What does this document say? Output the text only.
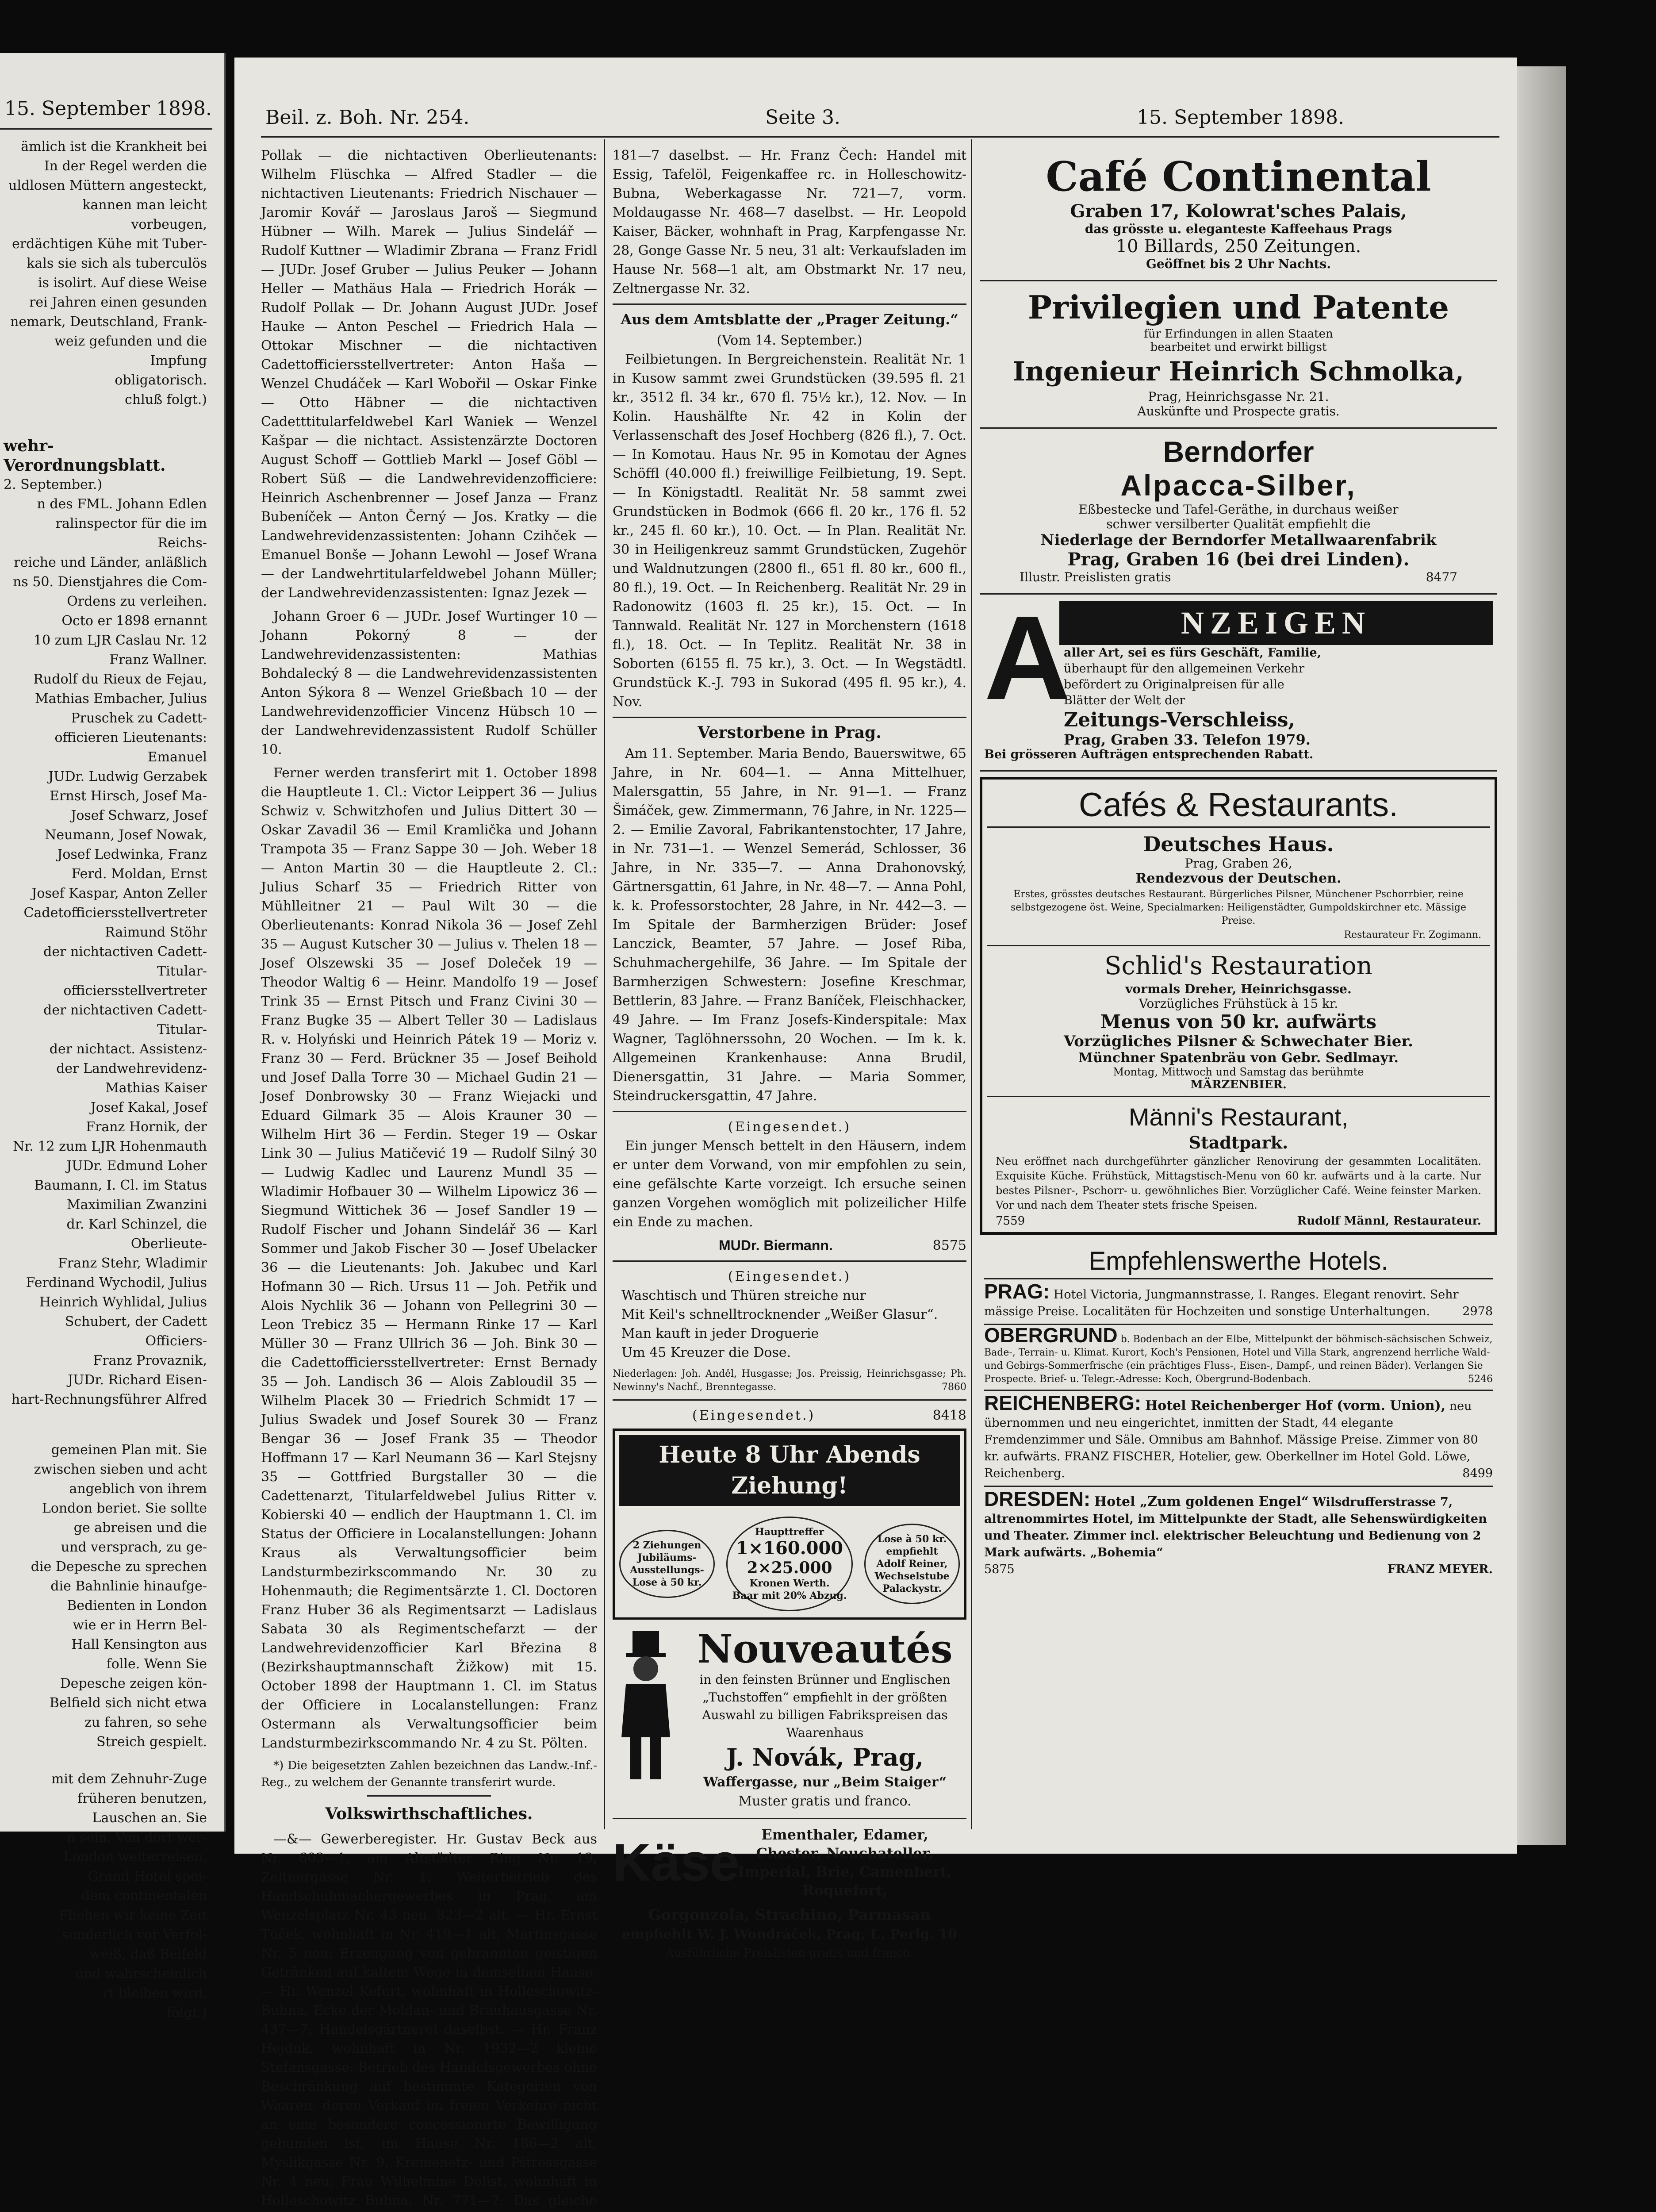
15. September 1898.
ämlich ist die Krankheit bei
In der Regel werden die
uldlosen Müttern angesteckt,
kannen man leicht vorbeugen,
erdächtigen Kühe mit Tuber-
kals sie sich als tuberculös
is isolirt. Auf diese Weise
rei Jahren einen gesunden
nemark, Deutschland, Frank-
weiz gefunden und die Impfung
obligatorisch.
chluß folgt.)
wehr-Verordnungsblatt.
2. September.)
n des FML. Johann Edlen
ralinspector für die im Reichs-
reiche und Länder, anläßlich
ns 50. Dienstjahres die Com-
Ordens zu verleihen.
Octo er 1898 ernannt
10 zum LJR Caslau Nr. 12
Franz Wallner.
Rudolf du Rieux de Fejau,
Mathias Embacher, Julius
Pruschek zu Cadett-
officieren Lieutenants: Emanuel
JUDr. Ludwig Gerzabek
Ernst Hirsch, Josef Ma-
Josef Schwarz, Josef
Neumann, Josef Nowak,
Josef Ledwinka, Franz
Ferd. Moldan, Ernst
Josef Kaspar, Anton Zeller
Cadetofficiersstellvertreter
Raimund Stöhr
der nichtactiven Cadett-Titular-
officiersstellvertreter
der nichtactiven Cadett-Titular-
der nichtact. Assistenz-
der Landwehrevidenz-
Mathias Kaiser
Josef Kakal, Josef
Franz Hornik, der
Nr. 12 zum LJR Hohenmauth
JUDr. Edmund Loher
Baumann, I. Cl. im Status
Maximilian Zwanzini
dr. Karl Schinzel, die Oberlieute-
Franz Stehr, Wladimir
Ferdinand Wychodil, Julius
Heinrich Wyhlidal, Julius
Schubert, der Cadett Officiers-
Franz Provaznik,
JUDr. Richard Eisen-
hart-Rechnungsführer Alfred
gemeinen Plan mit. Sie
zwischen sieben und acht
angeblich von ihrem
London beriet. Sie sollte
ge abreisen und die
und versprach, zu ge-
die Depesche zu sprechen
die Bahnlinie hinaufge-
Bedienten in London
wie er in Herrn Bel-
Hall Kensington aus
folle. Wenn Sie
Depesche zeigen kön-
Belfield sich nicht etwa
zu fahren, so sehe
Streich gespielt.
mit dem Zehnuhr-Zuge
früheren benutzen,
Lauschen an. Sie
n sein. Von dort wer-
London weiterreisen,
Grand Hotel spei-
dem continentalen
Fliehen wir keine Zeit
sonderlich vor Verfol-
weiß, daß Belfeld
und wahrscheinlich
rt bleiben wird.
folgt.)
Beil. z. Boh. Nr. 254.	Seite 3.	15. September 1898.

Pollak — die nichtactiven Oberlieutenants: Wilhelm Flüschka — Alfred Stadler — die nichtactiven Lieutenants: Friedrich Nischauer — Jaromir Kovář — Jaroslaus Jaroš — Siegmund Hübner — Wilh. Marek — Julius Sindelář — Rudolf Kuttner — Wladimir Zbrana — Franz Fridl — JUDr. Josef Gruber — Julius Peuker — Johann Heller — Mathäus Hala — Friedrich Horák — Rudolf Pollak — Dr. Johann August JUDr. Josef Hauke — Anton Peschel — Friedrich Hala — Ottokar Mischner — die nichtactiven Cadettofficiersstellvertreter: Anton Haša — Wenzel Chudáček — Karl Wobořil — Oskar Finke — Otto Häbner — die nichtactiven Cadetttitularfeldwebel Karl Waniek — Wenzel Kašpar — die nichtact. Assistenzärzte Doctoren August Schoff — Gottlieb Markl — Josef Göbl — Robert Süß — die Landwehrevidenzofficiere: Heinrich Aschenbrenner — Josef Janza — Franz Bubeníček — Anton Černý — Jos. Kratky — die Landwehrevidenzassistenten: Johann Czihček — Emanuel Bonše — Johann Lewohl — Josef Wrana — der Landwehrtitularfeldwebel Johann Müller; der Landwehrevidenzassistenten: Ignaz Jezek —

Johann Groer 6 — JUDr. Josef Wurtinger 10 — Johann Pokorný 8 — der Landwehrevidenzassistenten: Mathias Bohdalecký 8 — die Landwehrevidenzassistenten Anton Sýkora 8 — Wenzel Grießbach 10 — der Landwehrevidenzofficier Vincenz Hübsch 10 — der Landwehrevidenzassistent Rudolf Schüller 10.

Ferner werden transferirt mit 1. October 1898 die Hauptleute 1. Cl.: Victor Leippert 36 — Julius Schwiz v. Schwitzhofen und Julius Dittert 30 — Oskar Zavadil 36 — Emil Kramlička und Johann Trampota 35 — Franz Sappe 30 — Joh. Weber 18 — Anton Martin 30 — die Hauptleute 2. Cl.: Julius Scharf 35 — Friedrich Ritter von Mühlleitner 21 — Paul Wilt 30 — die Oberlieutenants: Konrad Nikola 36 — Josef Zehl 35 — August Kutscher 30 — Julius v. Thelen 18 — Josef Olszewski 35 — Josef Doleček 19 — Theodor Waltig 6 — Heinr. Mandolfo 19 — Josef Trink 35 — Ernst Pitsch und Franz Civini 30 — Franz Bugke 35 — Albert Teller 30 — Ladislaus R. v. Holyński und Heinrich Pátek 19 — Moriz v. Franz 30 — Ferd. Brückner 35 — Josef Beihold und Josef Dalla Torre 30 — Michael Gudin 21 — Josef Donbrowsky 30 — Franz Wiejacki und Eduard Gilmark 35 — Alois Krauner 30 — Wilhelm Hirt 36 — Ferdin. Steger 19 — Oskar Link 30 — Julius Matičević 19 — Rudolf Silný 30 — Ludwig Kadlec und Laurenz Mundl 35 — Wladimir Hofbauer 30 — Wilhelm Lipowicz 36 — Siegmund Wittichek 36 — Josef Sandler 19 — Rudolf Fischer und Johann Sindelář 36 — Karl Sommer und Jakob Fischer 30 — Josef Ubelacker 36 — die Lieutenants: Joh. Jakubec und Karl Hofmann 30 — Rich. Ursus 11 — Joh. Petřik und Alois Nychlik 36 — Johann von Pellegrini 30 — Leon Trebicz 35 — Hermann Rinke 17 — Karl Müller 30 — Franz Ullrich 36 — Joh. Bink 30 — die Cadettofficiersstellvertreter: Ernst Bernady 35 — Joh. Landisch 36 — Alois Zabloudil 35 — Wilhelm Placek 30 — Friedrich Schmidt 17 — Julius Swadek und Josef Sourek 30 — Franz Bengar 36 — Josef Frank 35 — Theodor Hoffmann 17 — Karl Neumann 36 — Karl Stejsny 35 — Gottfried Burgstaller 30 — die Cadettenarzt, Titularfeldwebel Julius Ritter v. Kobierski 40 — endlich der Hauptmann 1. Cl. im Status der Officiere in Localanstellungen: Johann Kraus als Verwaltungsofficier beim Landsturmbezirkscommando Nr. 30 zu Hohenmauth; die Regimentsärzte 1. Cl. Doctoren Franz Huber 36 als Regimentsarzt — Ladislaus Sabata 30 als Regimentschefarzt — der Landwehrevidenzofficier Karl Březina 8 (Bezirkshauptmannschaft Žižkow) mit 15. October 1898 der Hauptmann 1. Cl. im Status der Officiere in Localanstellungen: Franz Ostermann als Verwaltungsofficier beim Landsturmbezirkscommando Nr. 4 zu St. Pölten.

*) Die beigesetzten Zahlen bezeichnen das Landw.-Inf.-Reg., zu welchem der Genannte transferirt wurde.

Volkswirthschaftliches.

—&— Gewerberegister. Hr. Gustav Beck aus Nr. 603—1, am Altstädter Ring Nr. 19, Zeltnergasse Nr. 1: Weiterbetrieb des Handschuhmachergewerbes in Prag, am Wenzelsplatz Nr. 43 neu, 823—2 alt. — Hr. Ernst Tuček, wohnhaft in Nr. 419—1 alt, Martinsgasse Nr. 5 neu: Erzeugung von gebrannten geistigen Getränken auf kaltem Wege in demselben Hause. — Hr. Wenzel Kefurt, wohnhaft in Holleschowitz-Bubna, Ecke der Moldau- und Bräuhausgasse Nr. 437—7: Handelsgärtnerei daselbst. — Hr. Franz Hejduk, wohnhaft in Nr. 1932—2 kleine Stefansgasse: Betrieb des Handelsgewerbes ohne Beschränkung auf bestimmte Kategorien von Waaren, deren Verkauf im freien Verkehre nicht an eine besondere concessionirte Bewilligung gebunden ist, im Hause Nr. 186—2 alt, Myslikgasse Nr. 9, Kremenetz- und Pštrossgasse Nr. 4 neu; Frau Wilhelmine Dolist, wohnhaft in Holleschowitz Bubna, Nr. 771—7: Das gleiche

181—7 daselbst. — Hr. Franz Čech: Handel mit Essig, Tafelöl, Feigenkaffee rc. in Holleschowitz-Bubna, Weberkagasse Nr. 721—7, vorm. Moldaugasse Nr. 468—7 daselbst. — Hr. Leopold Kaiser, Bäcker, wohnhaft in Prag, Karpfengasse Nr. 28, Gonge Gasse Nr. 5 neu, 31 alt: Verkaufsladen im Hause Nr. 568—1 alt, am Obstmarkt Nr. 17 neu, Zeltnergasse Nr. 32.

Aus dem Amtsblatte der „Prager Zeitung.“
(Vom 14. September.)

Feilbietungen. In Bergreichenstein. Realität Nr. 1 in Kusow sammt zwei Grundstücken (39.595 fl. 21 kr., 3512 fl. 34 kr., 670 fl. 75½ kr.), 12. Nov. — In Kolin. Haushälfte Nr. 42 in Kolin der Verlassenschaft des Josef Hochberg (826 fl.), 7. Oct. — In Komotau. Haus Nr. 95 in Komotau der Agnes Schöffl (40.000 fl.) freiwillige Feilbietung, 19. Sept. — In Königstadtl. Realität Nr. 58 sammt zwei Grundstücken in Bodmok (666 fl. 20 kr., 176 fl. 52 kr., 245 fl. 60 kr.), 10. Oct. — In Plan. Realität Nr. 30 in Heiligenkreuz sammt Grundstücken, Zugehör und Waldnutzungen (2800 fl., 651 fl. 80 kr., 600 fl., 80 fl.), 19. Oct. — In Reichenberg. Realität Nr. 29 in Radonowitz (1603 fl. 25 kr.), 15. Oct. — In Tannwald. Realität Nr. 127 in Morchenstern (1618 fl.), 18. Oct. — In Teplitz. Realität Nr. 38 in Soborten (6155 fl. 75 kr.), 3. Oct. — In Wegstädtl. Grundstück K.-J. 793 in Sukorad (495 fl. 95 kr.), 4. Nov.

Verstorbene in Prag.

Am 11. September. Maria Bendo, Bauerswitwe, 65 Jahre, in Nr. 604—1. — Anna Mittelhuer, Malersgattin, 55 Jahre, in Nr. 91—1. — Franz Šimáček, gew. Zimmermann, 76 Jahre, in Nr. 1225—2. — Emilie Zavoral, Fabrikantenstochter, 17 Jahre, in Nr. 731—1. — Wenzel Semerád, Schlosser, 36 Jahre, in Nr. 335—7. — Anna Drahonovský, Gärtnersgattin, 61 Jahre, in Nr. 48—7. — Anna Pohl, k. k. Professorstochter, 28 Jahre, in Nr. 442—3. — Im Spitale der Barmherzigen Brüder: Josef Lanczick, Beamter, 57 Jahre. — Josef Riba, Schuhmachergehilfe, 36 Jahre. — Im Spitale der Barmherzigen Schwestern: Josefine Kreschmar, Bettlerin, 83 Jahre. — Franz Baníček, Fleischhacker, 49 Jahre. — Im Franz Josefs-Kinderspitale: Max Wagner, Taglöhnerssohn, 20 Wochen. — Im k. k. Allgemeinen Krankenhause: Anna Brudil, Dienersgattin, 31 Jahre. — Maria Sommer, Steindruckersgattin, 47 Jahre.

(Eingesendet.)

Ein junger Mensch bettelt in den Häusern, indem er unter dem Vorwand, von mir empfohlen zu sein, eine gefälschte Karte vorzeigt. Ich ersuche seinen ganzen Vorgehen womöglich mit polizeilicher Hilfe ein Ende zu machen.

MUDr. Biermann.	8575
(Eingesendet.)
Waschtisch und Thüren streiche nur
Mit Keil's schnelltrocknender „Weißer Glasur“.
Man kauft in jeder Droguerie
Um 45 Kreuzer die Dose.
Niederlagen: Joh. Anděl, Husgasse; Jos. Preissig, Heinrichsgasse; Ph. Newinny's Nachf., Brenntegasse.	7860
(Eingesendet.)	8418
Heute 8 Uhr Abends Ziehung!
2 Ziehungen
Jubiläums-
Ausstellungs-
Lose à 50 kr.
Haupttreffer
1×160.000
2×25.000
Kronen Werth.
Baar mit 20% Abzug.
Lose à 50 kr.
empfiehlt
Adolf Reiner,
Wechselstube
Palackystr.
Nouveautés
in den feinsten Brünner und Englischen „Tuchstoffen“ empfiehlt in der größten Auswahl zu billigen Fabrikspreisen das Waarenhaus
J. Novák, Prag,
Waffergasse, nur „Beim Staiger“
Muster gratis und franco.
Käse	Ementhaler, Edamer,
Chester, Neuchateller,
Imperial, Brie, Camenbert, Roquefort,
Gorgonzola, Strachino, Parmasan
empfiehlt W. J. Wondráček, Prag, I., Perlg. 10
Ausführliche Preislisten gratis und franco.
Café Continental
Graben 17, Kolowrat'sches Palais,
das grösste u. eleganteste Kaffeehaus Prags
10 Billards, 250 Zeitungen.
Geöffnet bis 2 Uhr Nachts.
Privilegien und Patente
für Erfindungen in allen Staaten
bearbeitet und erwirkt billigst
Ingenieur Heinrich Schmolka,
Prag, Heinrichsgasse Nr. 21.
Auskünfte und Prospecte gratis.
Berndorfer
Alpacca-Silber,
Eßbestecke und Tafel-Geräthe, in durchaus weißer
schwer versilberter Qualität empfiehlt die
Niederlage der Berndorfer Metallwaarenfabrik
Prag, Graben 16 (bei drei Linden).
Illustr. Preislisten gratis	8477
A	NZEIGEN
aller Art, sei es fürs Geschäft, Familie,
überhaupt für den allgemeinen Verkehr
befördert zu Originalpreisen für alle
Blätter der Welt der
Zeitungs-Verschleiss,
Prag, Graben 33. Telefon 1979.
Bei grösseren Aufträgen entsprechenden Rabatt.
Cafés & Restaurants.
Deutsches Haus.
Prag, Graben 26,
Rendezvous der Deutschen.
Erstes, grösstes deutsches Restaurant. Bürgerliches Pilsner, Münchener Pschorrbier, reine selbstgezogene öst. Weine, Specialmarken: Heiligenstädter, Gumpoldskirchner etc. Mässige Preise.
Restaurateur Fr. Zogimann.
Schlid's Restauration
vormals Dreher, Heinrichsgasse.
Vorzügliches Frühstück à 15 kr.
Menus von 50 kr. aufwärts
Vorzügliches Pilsner & Schwechater Bier.
Münchner Spatenbräu von Gebr. Sedlmayr.
Montag, Mittwoch und Samstag das berühmte
MÄRZENBIER.
Männi's Restaurant,
Stadtpark.
Neu eröffnet nach durchgeführter gänzlicher Renovirung der gesammten Localitäten. Exquisite Küche. Frühstück, Mittagstisch-Menu von 60 kr. aufwärts und à la carte. Nur bestes Pilsner-, Pschorr- u. gewöhnliches Bier. Vorzüglicher Café. Weine feinster Marken. Vor und nach dem Theater stets frische Speisen.
7559	Rudolf Männl, Restaurateur.
Empfehlenswerthe Hotels.
PRAG: Hotel Victoria, Jungmannstrasse, I. Ranges. Elegant renovirt. Sehr mässige Preise. Localitäten für Hochzeiten und sonstige Unterhaltungen.	2978
OBERGRUND b. Bodenbach an der Elbe, Mittelpunkt der böhmisch-sächsischen Schweiz, Bade-, Terrain- u. Klimat. Kurort, Koch's Pensionen, Hotel und Villa Stark, angrenzend herrliche Wald- und Gebirgs-Sommerfrische (ein prächtiges Fluss-, Eisen-, Dampf-, und reinen Bäder). Verlangen Sie Prospecte. Brief- u. Telegr.-Adresse: Koch, Obergrund-Bodenbach.	5246
REICHENBERG: Hotel Reichenberger Hof (vorm. Union), neu übernommen und neu eingerichtet, inmitten der Stadt, 44 elegante Fremdenzimmer und Säle. Omnibus am Bahnhof. Mässige Preise. Zimmer von 80 kr. aufwärts. FRANZ FISCHER, Hotelier, gew. Oberkellner im Hotel Gold. Löwe, Reichenberg.	8499
DRESDEN: Hotel „Zum goldenen Engel“ Wilsdrufferstrasse 7, altrenommirtes Hotel, im Mittelpunkte der Stadt, alle Sehenswürdigkeiten und Theater. Zimmer incl. elektrischer Beleuchtung und Bedienung von 2 Mark aufwärts. „Bohemia“
5875	FRANZ MEYER.
